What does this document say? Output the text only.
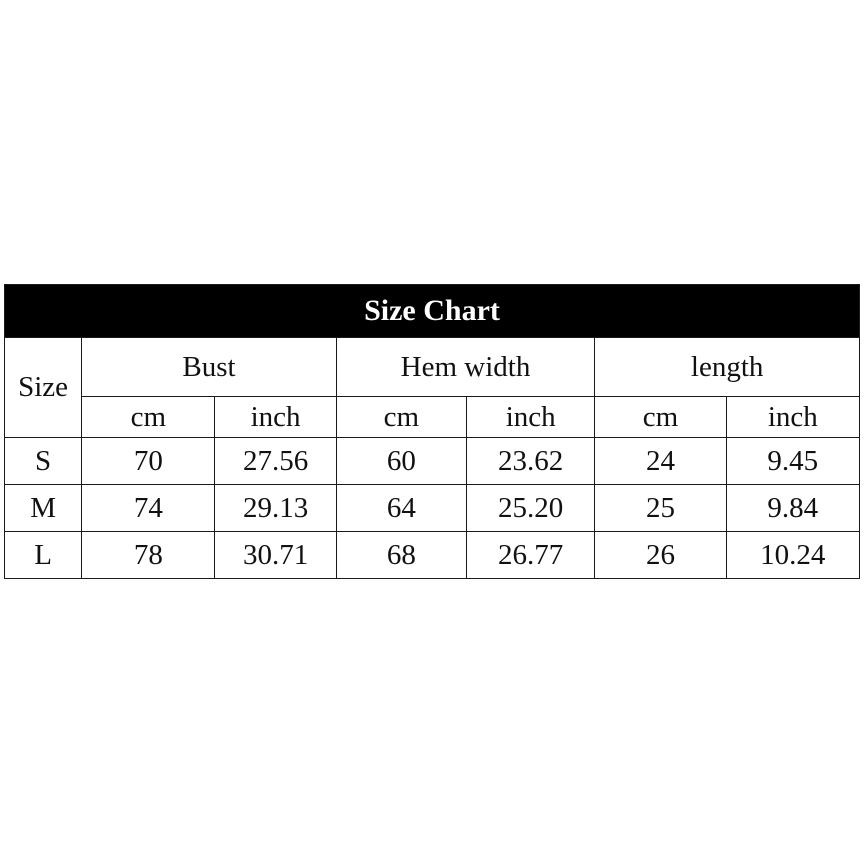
Size Chart						
Size	Bust		Hem width		length	
	cm	inch	cm	inch	cm	inch
S	70	27.56	60	23.62	24	9.45
M	74	29.13	64	25.20	25	9.84
L	78	30.71	68	26.77	26	10.24
